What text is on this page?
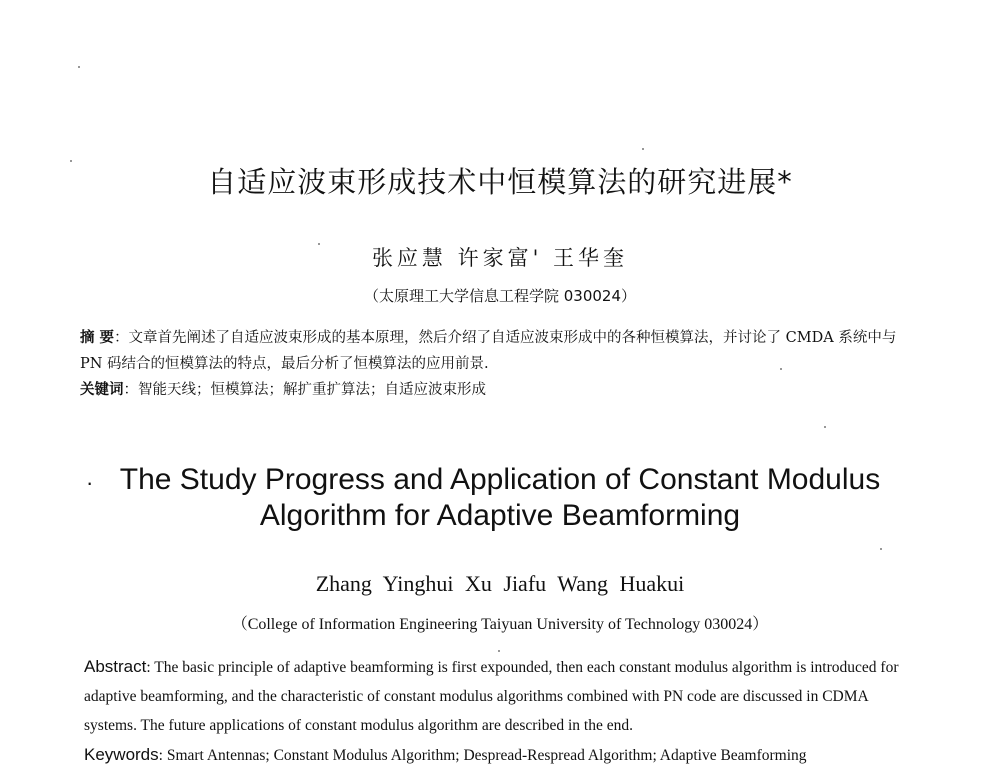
自适应波束形成技术中恒模算法的研究进展*
张应慧 许家富' 王华奎
（太原理工大学信息工程学院 030024）
摘 要：文章首先阐述了自适应波束形成的基本原理，然后介绍了自适应波束形成中的各种恒模算法，并讨论了 CMDA 系统中与 PN 码结合的恒模算法的特点，最后分析了恒模算法的应用前景.
关键词：智能天线；恒模算法；解扩重扩算法；自适应波束形成
· The Study Progress and Application of Constant Modulus
Algorithm for Adaptive Beamforming
Zhang Yinghui Xu Jiafu Wang Huakui
（College of Information Engineering Taiyuan University of Technology 030024）
Abstract: The basic principle of adaptive beamforming is first expounded, then each constant modulus algorithm is introduced for adaptive beamforming, and the characteristic of constant modulus algorithms combined with PN code are discussed in CDMA systems. The future applications of constant modulus algorithm are described in the end.
Keywords: Smart Antennas; Constant Modulus Algorithm; Despread-Respread Algorithm; Adaptive Beamforming
